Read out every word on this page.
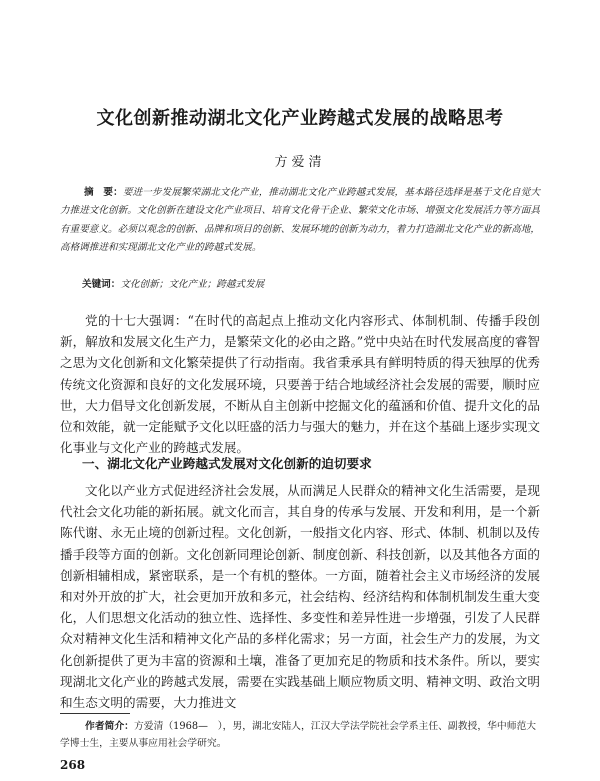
文化创新推动湖北文化产业跨越式发展的战略思考
方爱清
摘　要：要进一步发展繁荣湖北文化产业，推动湖北文化产业跨越式发展，基本路径选择是基于文化自觉大力推进文化创新。文化创新在建设文化产业项目、培育文化骨干企业、繁荣文化市场、增强文化发展活力等方面具有重要意义。必须以观念的创新、品牌和项目的创新、发展环境的创新为动力，着力打造湖北文化产业的新高地，高格调推进和实现湖北文化产业的跨越式发展。
关键词：文化创新；文化产业；跨越式发展
党的十七大强调：“在时代的高起点上推动文化内容形式、体制机制、传播手段创新，解放和发展文化生产力，是繁荣文化的必由之路。”党中央站在时代发展高度的睿智之思为文化创新和文化繁荣提供了行动指南。我省秉承具有鲜明特质的得天独厚的优秀传统文化资源和良好的文化发展环境，只要善于结合地域经济社会发展的需要，顺时应世，大力倡导文化创新发展，不断从自主创新中挖掘文化的蕴涵和价值、提升文化的品位和效能，就一定能赋予文化以旺盛的活力与强大的魅力，并在这个基础上逐步实现文化事业与文化产业的跨越式发展。
一、湖北文化产业跨越式发展对文化创新的迫切要求
文化以产业方式促进经济社会发展，从而满足人民群众的精神文化生活需要，是现代社会文化功能的新拓展。就文化而言，其自身的传承与发展、开发和利用，是一个新陈代谢、永无止境的创新过程。文化创新，一般指文化内容、形式、体制、机制以及传播手段等方面的创新。文化创新同理论创新、制度创新、科技创新，以及其他各方面的创新相辅相成，紧密联系，是一个有机的整体。一方面，随着社会主义市场经济的发展和对外开放的扩大，社会更加开放和多元，社会结构、经济结构和体制机制发生重大变化，人们思想文化活动的独立性、选择性、多变性和差异性进一步增强，引发了人民群众对精神文化生活和精神文化产品的多样化需求；另一方面，社会生产力的发展，为文化创新提供了更为丰富的资源和土壤，准备了更加充足的物质和技术条件。所以，要实现湖北文化产业的跨越式发展，需要在实践基础上顺应物质文明、精神文明、政治文明和生态文明的需要，大力推进文
作者简介：方爱清（1968—　），男，湖北安陆人，江汉大学法学院社会学系主任、副教授，华中师范大学博士生，主要从事应用社会学研究。
268
